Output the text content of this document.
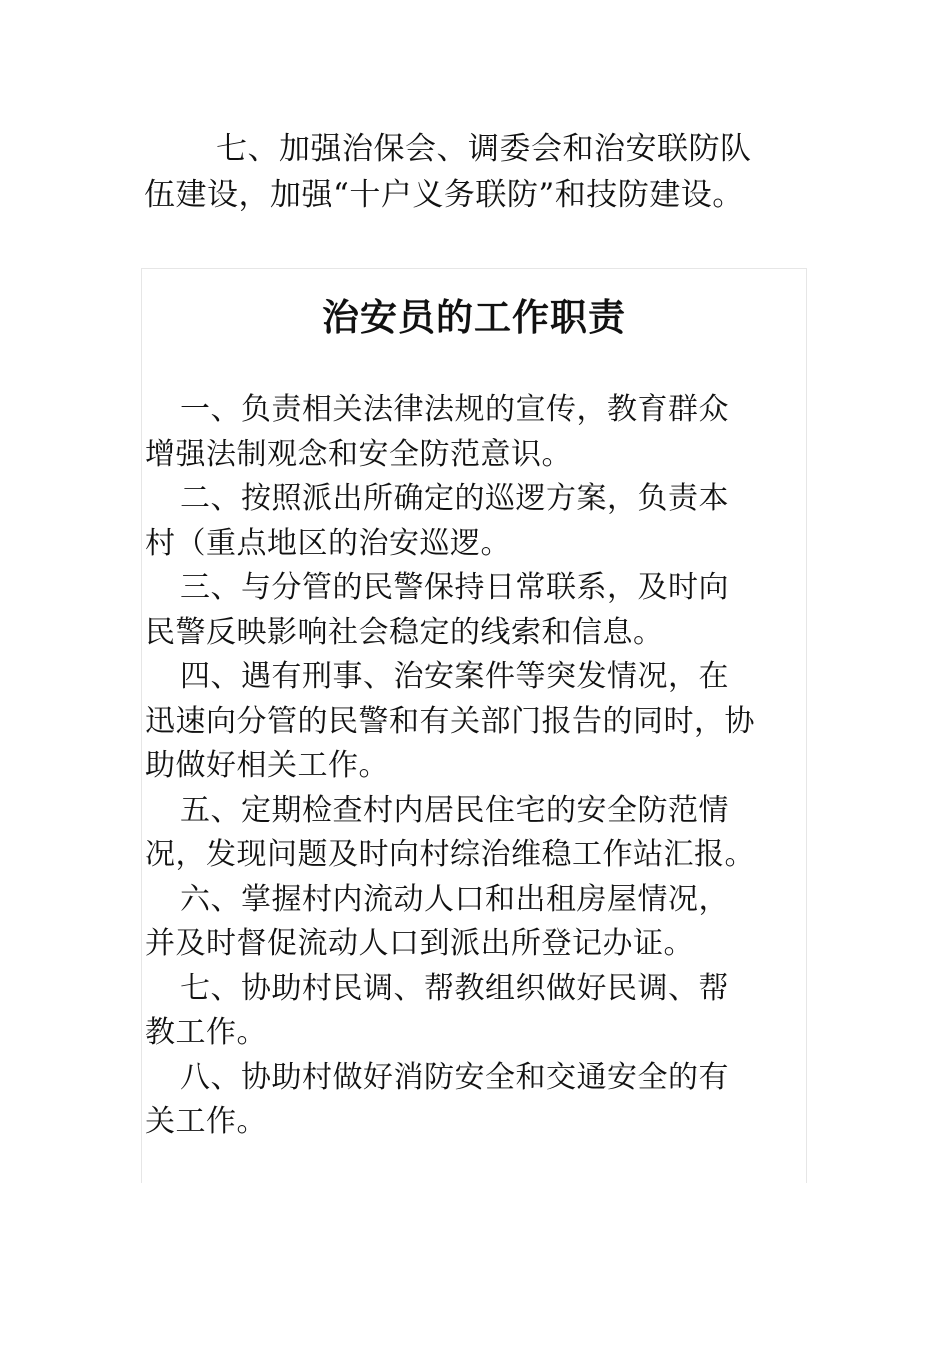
七、加强治保会、调委会和治安联防队伍建设，加强“十户义务联防”和技防建设。

治安员的工作职责
一、负责相关法律法规的宣传，教育群众增强法制观念和安全防范意识。
二、按照派出所确定的巡逻方案，负责本村（重点地区的治安巡逻。
三、与分管的民警保持日常联系，及时向民警反映影响社会稳定的线索和信息。
四、遇有刑事、治安案件等突发情况，在迅速向分管的民警和有关部门报告的同时，协助做好相关工作。
五、定期检查村内居民住宅的安全防范情况，发现问题及时向村综治维稳工作站汇报。
六、掌握村内流动人口和出租房屋情况，并及时督促流动人口到派出所登记办证。
七、协助村民调、帮教组织做好民调、帮教工作。
八、协助村做好消防安全和交通安全的有关工作。
